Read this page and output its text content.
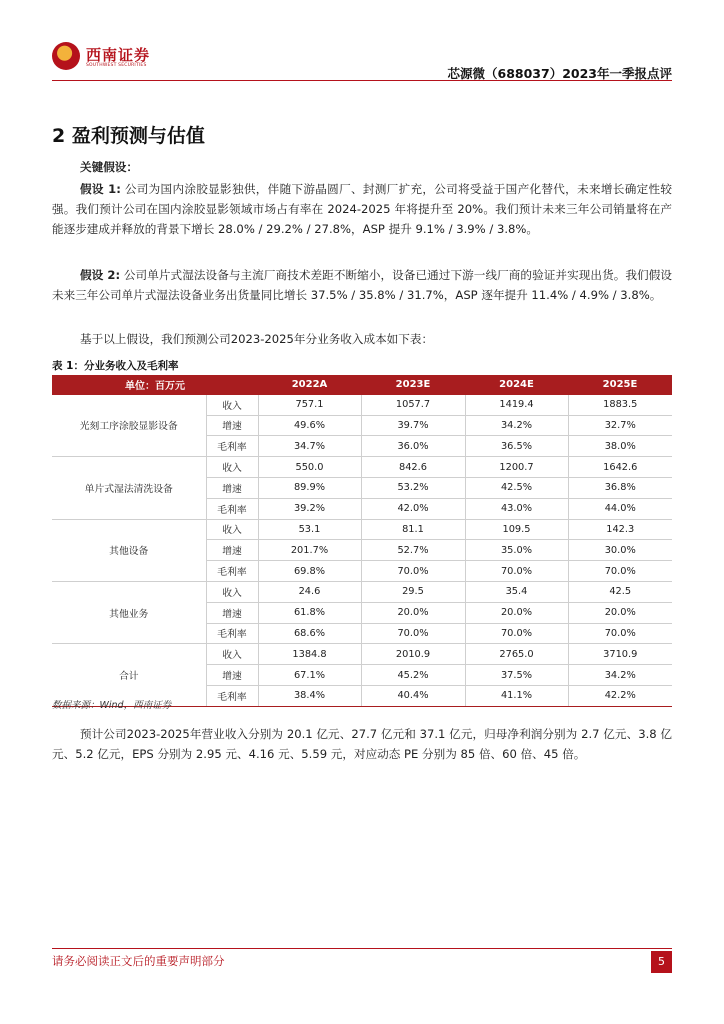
西南证券
SOUTHWEST SECURITIES
芯源微（688037）2023年一季报点评
2 盈利预测与估值
关键假设：

假设 1: 公司为国内涂胶显影独供，伴随下游晶圆厂、封测厂扩充，公司将受益于国产化替代，未来增长确定性较强。我们预计公司在国内涂胶显影领域市场占有率在 2024-2025 年将提升至 20%。我们预计未来三年公司销量将在产能逐步建成并释放的背景下增长 28.0% / 29.2% / 27.8%，ASP 提升 9.1% / 3.9% / 3.8%。

假设 2: 公司单片式湿法设备与主流厂商技术差距不断缩小，设备已通过下游一线厂商的验证并实现出货。我们假设未来三年公司单片式湿法设备业务出货量同比增长 37.5% / 35.8% / 31.7%，ASP 逐年提升 11.4% / 4.9% / 3.8%。

基于以上假设，我们预测公司2023-2025年分业务收入成本如下表：

表 1：分业务收入及毛利率
单位：百万元		2022A	2023E	2024E	2025E
光刻工序涂胶显影设备	收入	757.1	1057.7	1419.4	1883.5
	增速	49.6%	39.7%	34.2%	32.7%
	毛利率	34.7%	36.0%	36.5%	38.0%
单片式湿法清洗设备	收入	550.0	842.6	1200.7	1642.6
	增速	89.9%	53.2%	42.5%	36.8%
	毛利率	39.2%	42.0%	43.0%	44.0%
其他设备	收入	53.1	81.1	109.5	142.3
	增速	201.7%	52.7%	35.0%	30.0%
	毛利率	69.8%	70.0%	70.0%	70.0%
其他业务	收入	24.6	29.5	35.4	42.5
	增速	61.8%	20.0%	20.0%	20.0%
	毛利率	68.6%	70.0%	70.0%	70.0%
合计	收入	1384.8	2010.9	2765.0	3710.9
	增速	67.1%	45.2%	37.5%	34.2%
	毛利率	38.4%	40.4%	41.1%	42.2%
数据来源：Wind，西南证券

预计公司2023-2025年营业收入分别为 20.1 亿元、27.7 亿元和 37.1 亿元，归母净利润分别为 2.7 亿元、3.8 亿元、5.2 亿元，EPS 分别为 2.95 元、4.16 元、5.59 元，对应动态 PE 分别为 85 倍、60 倍、45 倍。

请务必阅读正文后的重要声明部分	5
